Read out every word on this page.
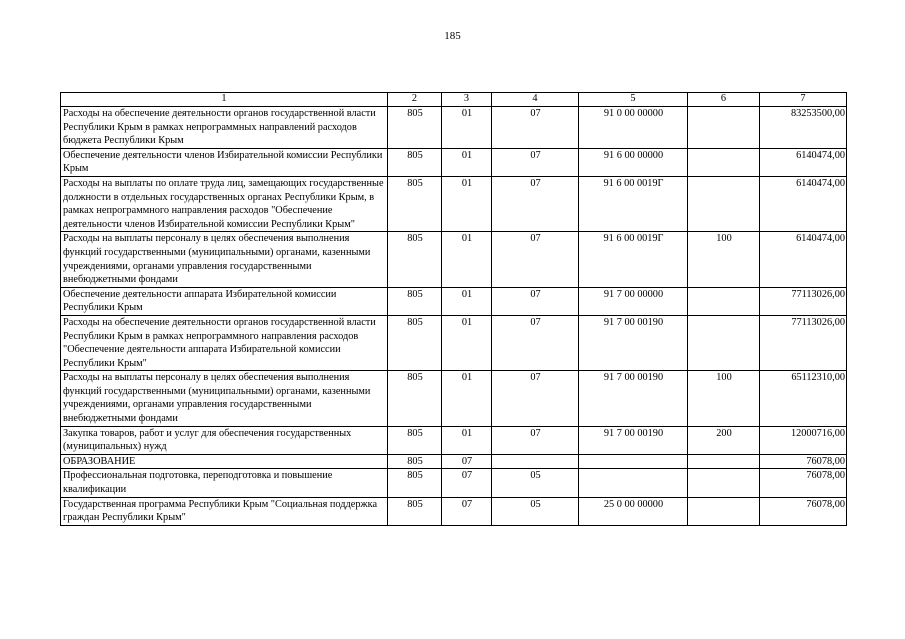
185
1	2	3	4	5	6	7
Расходы на обеспечение деятельности органов государственной власти Республики Крым в рамках непрограммных направлений расходов бюджета Республики Крым	805	01	07	91 0 00 00000		83253500,00
Обеспечение деятельности членов Избирательной комиссии Республики Крым	805	01	07	91 6 00 00000		6140474,00
Расходы на выплаты по оплате труда лиц, замещающих государственные должности в отдельных государственных органах Республики Крым, в рамках непрограммного направления расходов "Обеспечение деятельности членов Избирательной комиссии Республики Крым"	805	01	07	91 6 00 0019Г		6140474,00
Расходы на выплаты персоналу в целях обеспечения выполнения функций государственными (муниципальными) органами, казенными учреждениями, органами управления государственными внебюджетными фондами	805	01	07	91 6 00 0019Г	100	6140474,00
Обеспечение деятельности аппарата Избирательной комиссии Республики Крым	805	01	07	91 7 00 00000		77113026,00
Расходы на обеспечение деятельности органов государственной власти Республики Крым в рамках непрограммного направления расходов "Обеспечение деятельности аппарата Избирательной комиссии Республики Крым"	805	01	07	91 7 00 00190		77113026,00
Расходы на выплаты персоналу в целях обеспечения выполнения функций государственными (муниципальными) органами, казенными учреждениями, органами управления государственными внебюджетными фондами	805	01	07	91 7 00 00190	100	65112310,00
Закупка товаров, работ и услуг для обеспечения государственных (муниципальных) нужд	805	01	07	91 7 00 00190	200	12000716,00
ОБРАЗОВАНИЕ	805	07				76078,00
Профессиональная подготовка, переподготовка и повышение квалификации	805	07	05			76078,00
Государственная программа Республики Крым "Социальная поддержка граждан Республики Крым"	805	07	05	25 0 00 00000		76078,00
